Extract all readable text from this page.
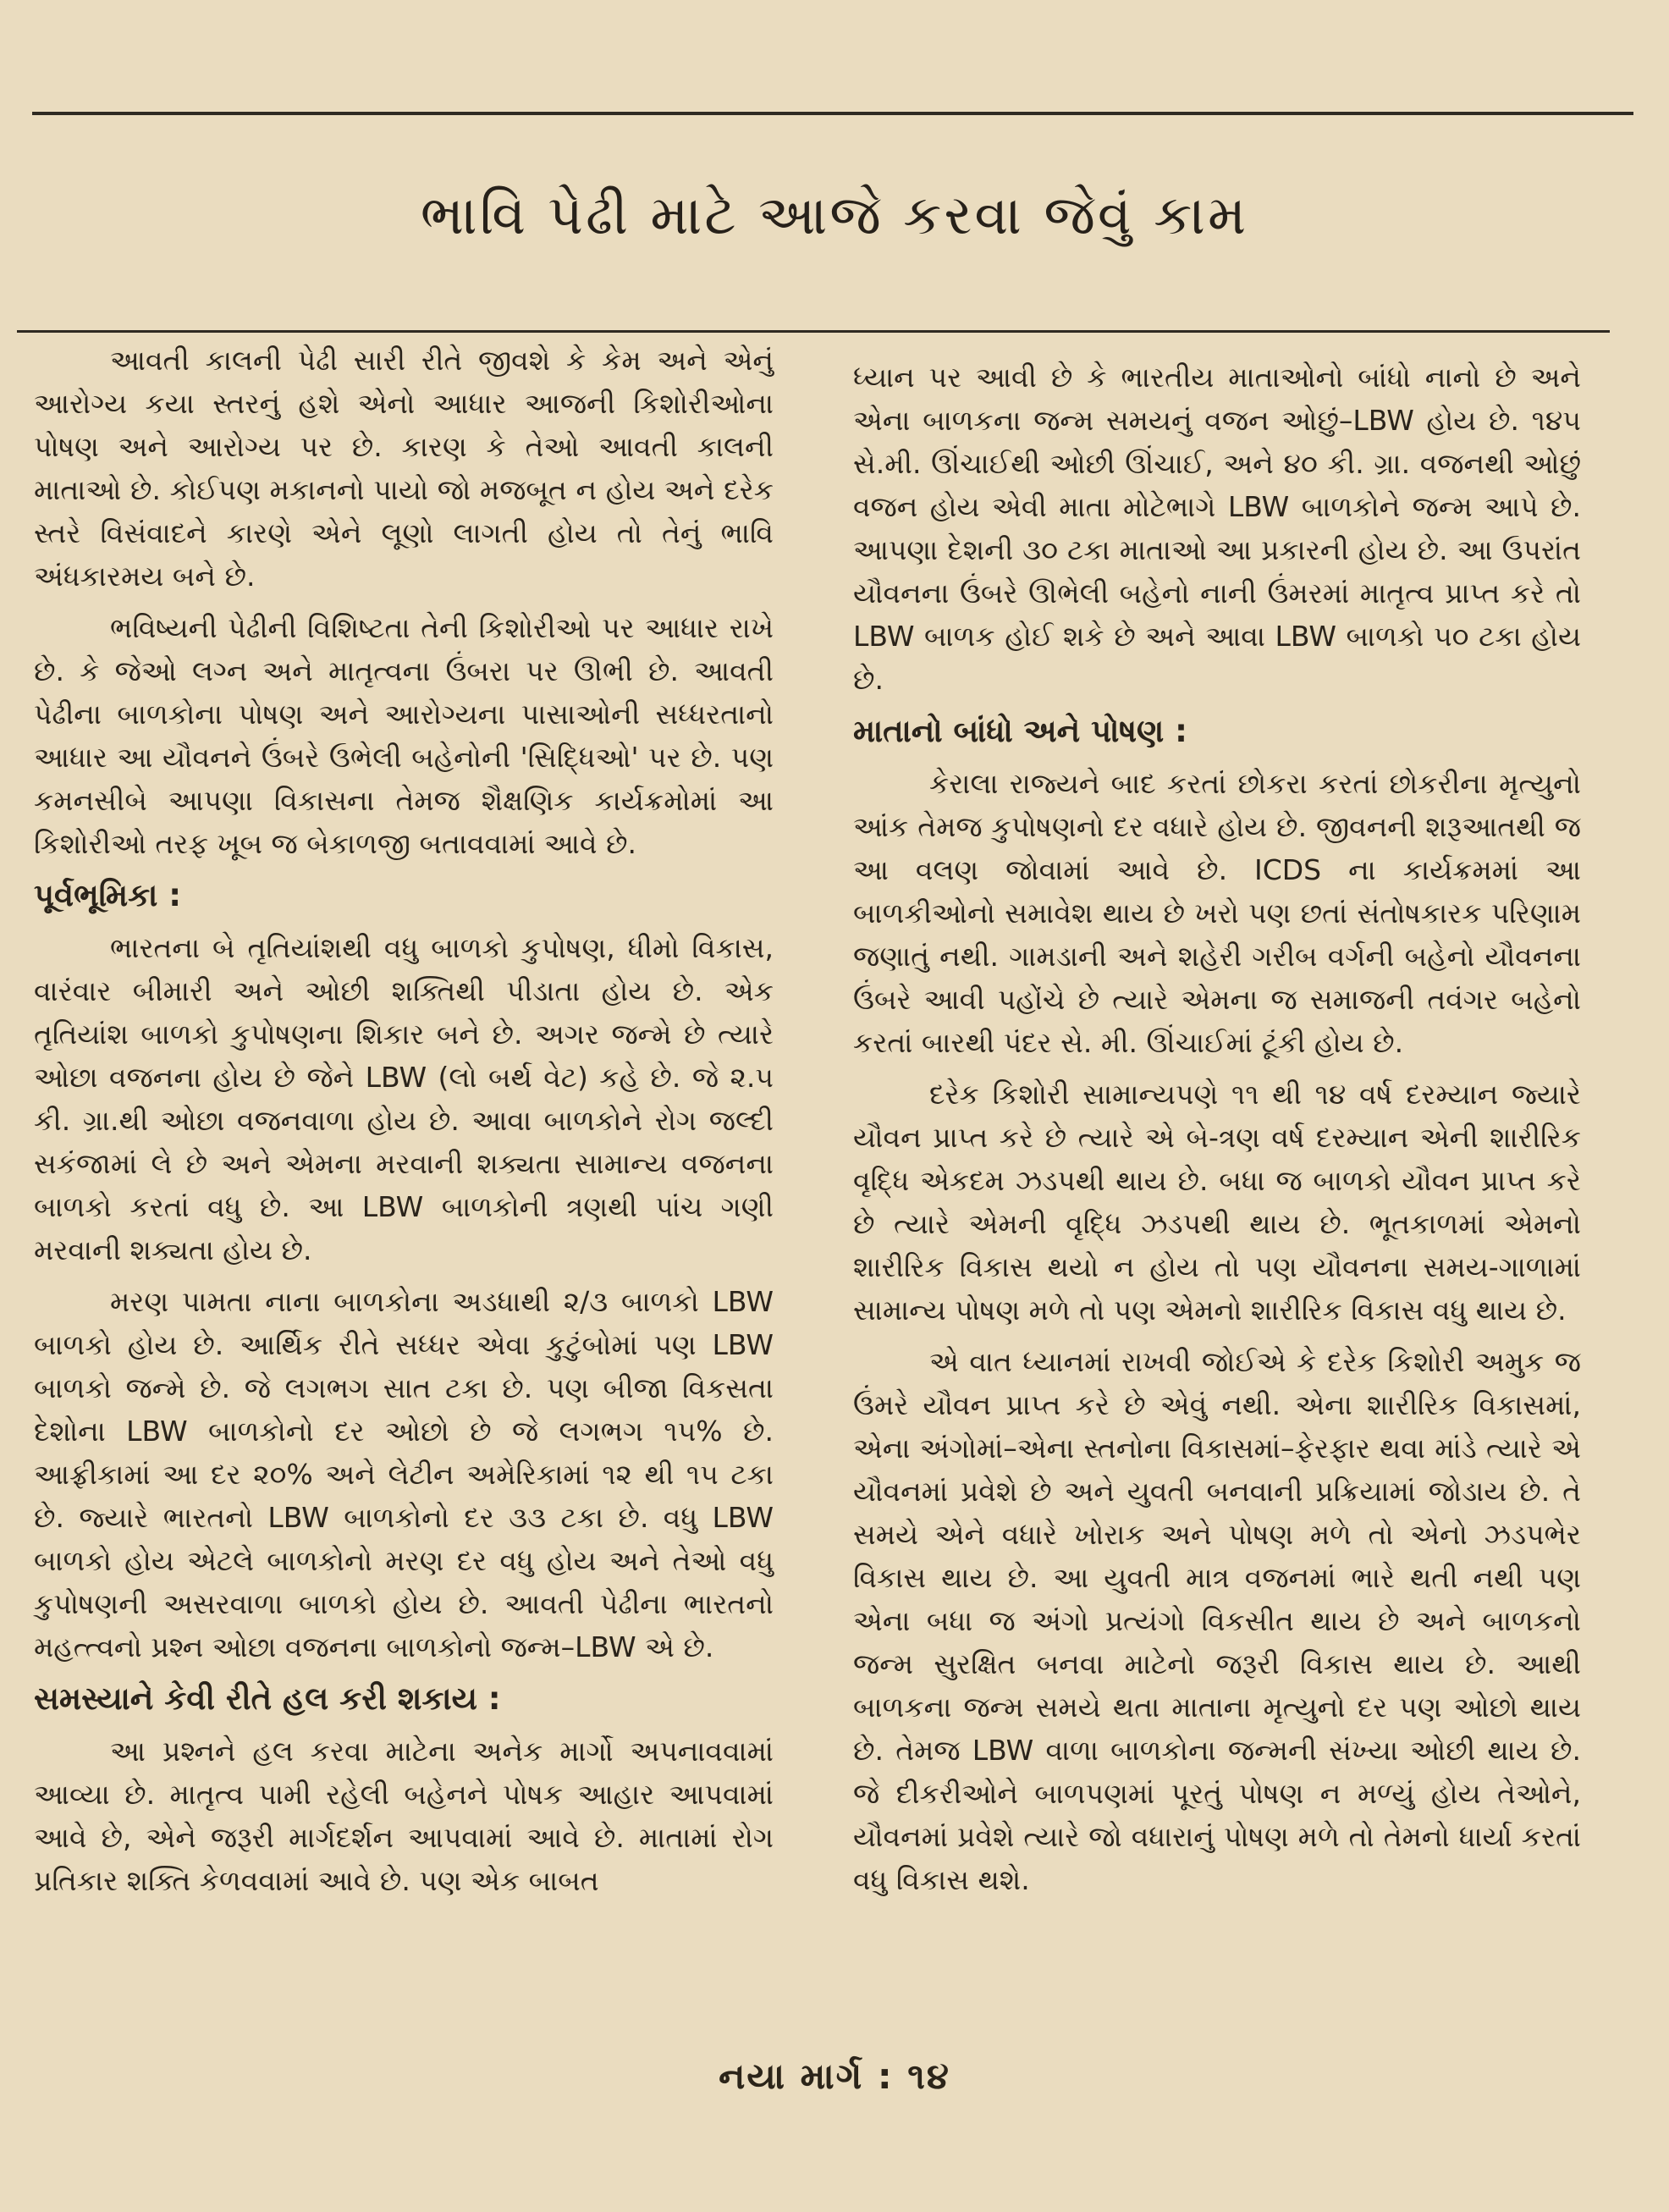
ભાવિ પેઢી માટે આજે કરવા જેવું કામ

આવતી કાલની પેઢી સારી રીતે જીવશે કે કેમ અને એનું આરોગ્ય કયા સ્તરનું હશે એનો આધાર આજની કિશોરીઓના પોષણ અને આરોગ્ય પર છે. કારણ કે તેઓ આવતી કાલની માતાઓ છે. કોઈપણ મકાનનો પાયો જો મજબૂત ન હોય અને દરેક સ્તરે વિસંવાદને કારણે એને લૂણો લાગતી હોય તો તેનું ભાવિ અંધકારમય બને છે.

ભવિષ્યની પેઢીની વિશિષ્ટતા તેની કિશોરીઓ પર આધાર રાખે છે. કે જેઓ લગ્ન અને માતૃત્વના ઉંબરા પર ઊભી છે. આવતી પેઢીના બાળકોના પોષણ અને આરોગ્યના પાસાઓની સધ્ધરતાનો આધાર આ યૌવનને ઉંબરે ઉભેલી બહેનોની 'સિદ્ધિઓ' પર છે. પણ કમનસીબે આપણા વિકાસના તેમજ શૈક્ષણિક કાર્યક્રમોમાં આ કિશોરીઓ તરફ ખૂબ જ બેકાળજી બતાવવામાં આવે છે.

પૂર્વભૂમિકા :

ભારતના બે તૃતિયાંશથી વધુ બાળકો કુપોષણ, ધીમો વિકાસ, વારંવાર બીમારી અને ઓછી શક્તિથી પીડાતા હોય છે. એક તૃતિયાંશ બાળકો કુપોષણના શિકાર બને છે. અગર જન્મે છે ત્યારે ઓછા વજનના હોય છે જેને LBW (લો બર્થ વેટ) કહે છે. જે ૨.૫ કી. ગ્રા.થી ઓછા વજનવાળા હોય છે. આવા બાળકોને રોગ જલ્દી સકંજામાં લે છે અને એમના મરવાની શક્યતા સામાન્ય વજનના બાળકો કરતાં વધુ છે. આ LBW બાળકોની ત્રણથી પાંચ ગણી મરવાની શક્યતા હોય છે.

મરણ પામતા નાના બાળકોના અડધાથી ૨/૩ બાળકો LBW બાળકો હોય છે. આર્થિક રીતે સધ્ધર એવા કુટુંબોમાં પણ LBW બાળકો જન્મે છે. જે લગભગ સાત ટકા છે. પણ બીજા વિકસતા દેશોના LBW બાળકોનો દર ઓછો છે જે લગભગ ૧૫% છે. આફ્રીકામાં આ દર ૨૦% અને લેટીન અમેરિકામાં ૧૨ થી ૧૫ ટકા છે. જ્યારે ભારતનો LBW બાળકોનો દર ૩૩ ટકા છે. વધુ LBW બાળકો હોય એટલે બાળકોનો મરણ દર વધુ હોય અને તેઓ વધુ કુપોષણની અસરવાળા બાળકો હોય છે. આવતી પેઢીના ભારતનો મહત્ત્વનો પ્રશ્ન ઓછા વજનના બાળકોનો જન્મ–LBW એ છે.

સમસ્યાને કેવી રીતે હલ કરી શકાય :

આ પ્રશ્નને હલ કરવા માટેના અનેક માર્ગો અપનાવવામાં આવ્યા છે. માતૃત્વ પામી રહેલી બહેનને પોષક આહાર આપવામાં આવે છે, એને જરૂરી માર્ગદર્શન આપવામાં આવે છે. માતામાં રોગ પ્રતિકાર શક્તિ કેળવવામાં આવે છે. પણ એક બાબત

ધ્યાન પર આવી છે કે ભારતીય માતાઓનો બાંધો નાનો છે અને એના બાળકના જન્મ સમયનું વજન ઓછું–LBW હોય છે. ૧૪૫ સે.મી. ઊંચાઈથી ઓછી ઊંચાઈ, અને ૪૦ કી. ગ્રા. વજનથી ઓછું વજન હોય એવી માતા મોટેભાગે LBW બાળકોને જન્મ આપે છે. આપણા દેશની ૩૦ ટકા માતાઓ આ પ્રકારની હોય છે. આ ઉપરાંત યૌવનના ઉંબરે ઊભેલી બહેનો નાની ઉંમરમાં માતૃત્વ પ્રાપ્ત કરે તો LBW બાળક હોઈ શકે છે અને આવા LBW બાળકો ૫૦ ટકા હોય છે.

માતાનો બાંધો અને પોષણ :

કેરાલા રાજ્યને બાદ કરતાં છોકરા કરતાં છોકરીના મૃત્યુનો આંક તેમજ કુપોષણનો દર વધારે હોય છે. જીવનની શરૂઆતથી જ આ વલણ જોવામાં આવે છે. ICDS ના કાર્યક્રમમાં આ બાળકીઓનો સમાવેશ થાય છે ખરો પણ છતાં સંતોષકારક પરિણામ જણાતું નથી. ગામડાની અને શહેરી ગરીબ વર્ગની બહેનો યૌવનના ઉંબરે આવી પહોંચે છે ત્યારે એમના જ સમાજની તવંગર બહેનો કરતાં બારથી પંદર સે. મી. ઊંચાઈમાં ટૂંકી હોય છે.

દરેક કિશોરી સામાન્યપણે ૧૧ થી ૧૪ વર્ષ દરમ્યાન જ્યારે યૌવન પ્રાપ્ત કરે છે ત્યારે એ બે-ત્રણ વર્ષ દરમ્યાન એની શારીરિક વૃદ્ધિ એકદમ ઝડપથી થાય છે. બધા જ બાળકો યૌવન પ્રાપ્ત કરે છે ત્યારે એમની વૃદ્ધિ ઝડપથી થાય છે. ભૂતકાળમાં એમનો શારીરિક વિકાસ થયો ન હોય તો પણ યૌવનના સમય-ગાળામાં સામાન્ય પોષણ મળે તો પણ એમનો શારીરિક વિકાસ વધુ થાય છે.

એ વાત ધ્યાનમાં રાખવી જોઈએ કે દરેક કિશોરી અમુક જ ઉંમરે યૌવન પ્રાપ્ત કરે છે એવું નથી. એના શારીરિક વિકાસમાં, એના અંગોમાં–એના સ્તનોના વિકાસમાં–ફેરફાર થવા માંડે ત્યારે એ યૌવનમાં પ્રવેશે છે અને યુવતી બનવાની પ્રક્રિયામાં જોડાય છે. તે સમયે એને વધારે ખોરાક અને પોષણ મળે તો એનો ઝડપભેર વિકાસ થાય છે. આ યુવતી માત્ર વજનમાં ભારે થતી નથી પણ એના બધા જ અંગો પ્રત્યંગો વિકસીત થાય છે અને બાળકનો જન્મ સુરક્ષિત બનવા માટેનો જરૂરી વિકાસ થાય છે. આથી બાળકના જન્મ સમયે થતા માતાના મૃત્યુનો દર પણ ઓછો થાય છે. તેમજ LBW વાળા બાળકોના જન્મની સંખ્યા ઓછી થાય છે. જે દીકરીઓને બાળપણમાં પૂરતું પોષણ ન મળ્યું હોય તેઓને, યૌવનમાં પ્રવેશે ત્યારે જો વધારાનું પોષણ મળે તો તેમનો ધાર્યા કરતાં વધુ વિકાસ થશે.

નયા માર્ગ : ૧૪
